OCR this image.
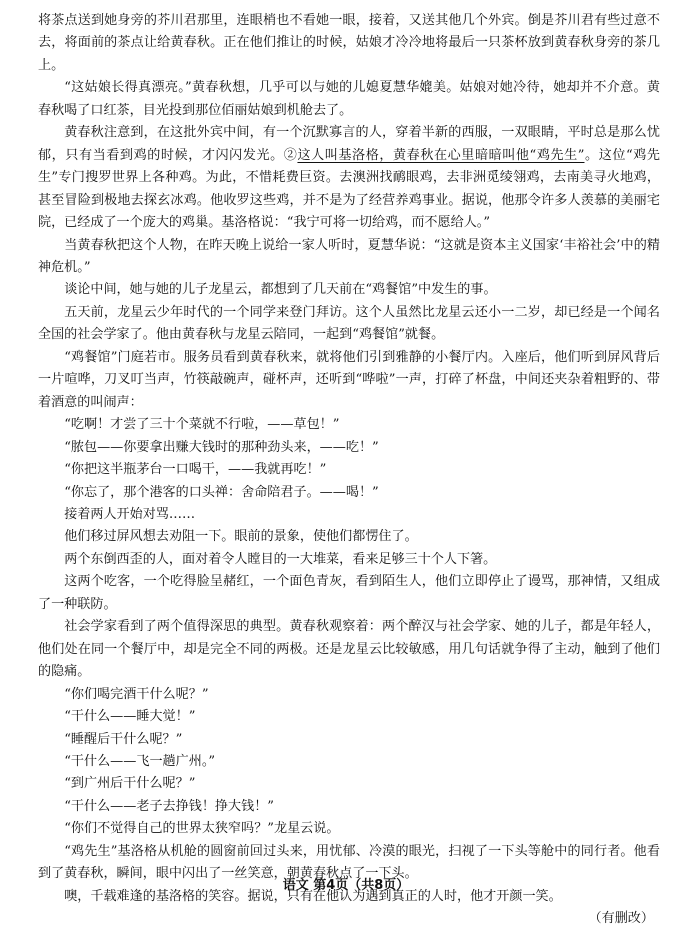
将茶点送到她身旁的芥川君那里，连眼梢也不看她一眼，接着，又送其他几个外宾。倒是芥川君有些过意不去，将面前的茶点让给黄春秋。正在他们推让的时候，姑娘才冷冷地将最后一只茶杯放到黄春秋身旁的茶几上。

“这姑娘长得真漂亮。”黄春秋想，几乎可以与她的儿媳夏慧华媲美。姑娘对她冷待，她却并不介意。黄春秋喝了口红茶，目光投到那位佰丽姑娘到机舱去了。

黄春秋注意到，在这批外宾中间，有一个沉默寡言的人，穿着半新的西服，一双眼睛，平时总是那么忧郁，只有当看到鸡的时候，才闪闪发光。②这人叫基洛格，黄春秋在心里暗暗叫他“鸡先生”。这位“鸡先生”专门搜罗世界上各种鸡。为此，不惜耗费巨资。去澳洲找鸸眼鸡，去非洲觅绫翎鸡，去南美寻火地鸡，甚至冒险到极地去探玄冰鸡。他收罗这些鸡，并不是为了经营养鸡事业。据说，他那令许多人羡慕的美丽宅院，已经成了一个庞大的鸡巢。基洛格说：“我宁可将一切给鸡，而不愿给人。”

当黄春秋把这个人物，在昨天晚上说给一家人听时，夏慧华说：“这就是资本主义国家‘丰裕社会’中的精神危机。”

谈论中间，她与她的儿子龙星云，都想到了几天前在“鸡餐馆”中发生的事。

五天前，龙星云少年时代的一个同学来登门拜访。这个人虽然比龙星云还小一二岁，却已经是一个闻名全国的社会学家了。他由黄春秋与龙星云陪同，一起到“鸡餐馆”就餐。

“鸡餐馆”门庭若市。服务员看到黄春秋来，就将他们引到雅静的小餐厅内。入座后，他们听到屏风背后一片喧哗，刀叉叮当声，竹筷敲碗声，碰杯声，还听到“哗啦”一声，打碎了杯盘，中间还夹杂着粗野的、带着酒意的叫闹声：

“吃啊！才尝了三十个菜就不行啦，——草包！”

“脓包——你要拿出赚大钱时的那种劲头来，——吃！”

“你把这半瓶茅台一口喝干，——我就再吃！”

“你忘了，那个港客的口头禅：舍命陪君子。——喝！”

接着两人开始对骂……

他们移过屏风想去劝阻一下。眼前的景象，使他们都愣住了。

两个东倒西歪的人，面对着令人瞠目的一大堆菜，看来足够三十个人下箸。

这两个吃客，一个吃得脸呈赭红，一个面色青灰，看到陌生人，他们立即停止了谩骂，那神情，又组成了一种联防。

社会学家看到了两个值得深思的典型。黄春秋观察着：两个醉汉与社会学家、她的儿子，都是年轻人，他们处在同一个餐厅中，却是完全不同的两极。还是龙星云比较敏感，用几句话就争得了主动，触到了他们的隐痛。

“你们喝完酒干什么呢？”

“干什么——睡大觉！”

“睡醒后干什么呢？”

“干什么——飞一趟广州。”

“到广州后干什么呢？”

“干什么——老子去挣钱！挣大钱！”

“你们不觉得自己的世界太狭窄吗？”龙星云说。

“鸡先生”基洛格从机舱的圆窗前回过头来，用忧郁、冷漠的眼光，扫视了一下头等舱中的同行者。他看到了黄春秋，瞬间，眼中闪出了一丝笑意，朝黄春秋点了一下头。

噢，千载难逢的基洛格的笑容。据说，只有在他认为遇到真正的人时，他才开颜一笑。

（有删改）

语文 第4页（共8页）
